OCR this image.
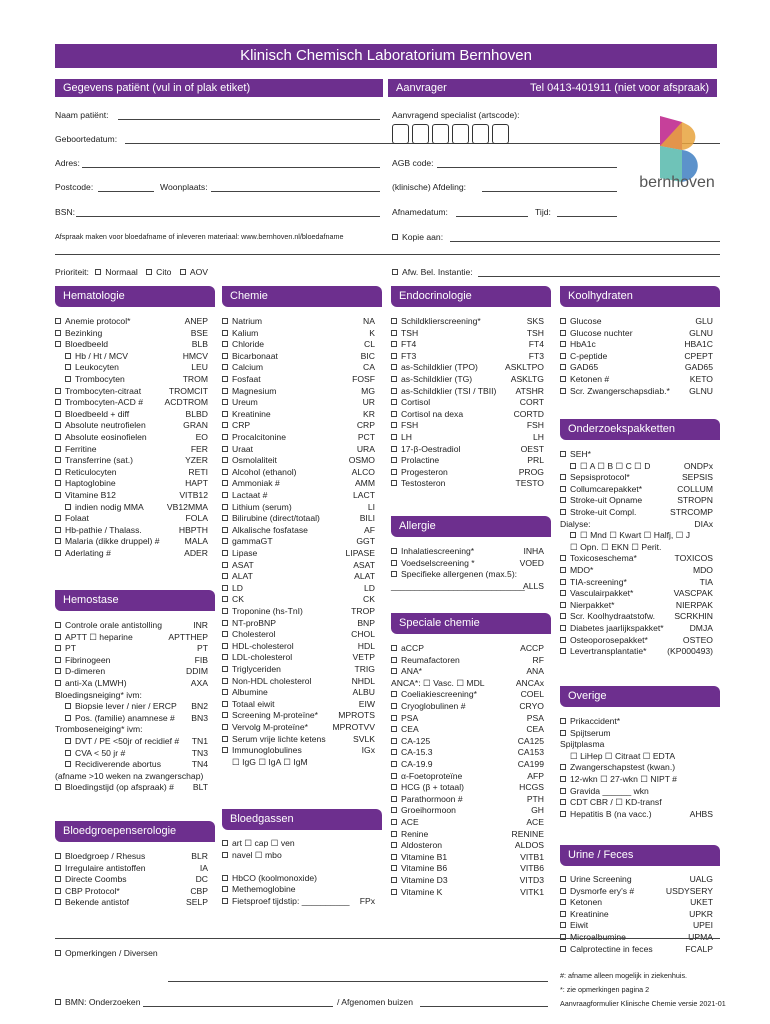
Klinisch Chemisch Laboratorium Bernhoven
Gegevens patiënt (vul in of plak etiket)	Aanvrager	Tel 0413-401911 (niet voor afspraak)
Naam patiënt:
Geboortedatum:
Adres:
Postcode:	Woonplaats:
BSN:
Afspraak maken voor bloedafname of inleveren materiaal: www.bernhoven.nl/bloedafname
Prioriteit: Normaal Cito AOV
Aanvragend specialist (artscode):
AGB code:
(klinische) Afdeling:
Afnamedatum:	Tijd:
Kopie aan:
Afw. Bel. Instantie:
bernhoven
Hematologie	Chemie	Endocrinologie	Koolhydraten
Onderzoekspakketten
Allergie
Hemostase
Speciale chemie
Overige
Bloedgassen
Bloedgroepenserologie
Urine / Feces
Anemie protocol*	ANEP
Bezinking	BSE
Bloedbeeld	BLB
Hb / Ht / MCV	HMCV
Leukocyten	LEU
Trombocyten	TROM
Trombocyten-citraat	TROMCIT
Trombocyten-ACD #	ACDTROM
Bloedbeeld + diff	BLBD
Absolute neutrofielen	GRAN
Absolute eosinofielen	EO
Ferritine	FER
Transferrine (sat.)	YZER
Reticulocyten	RETI
Haptoglobine	HAPT
Vitamine B12	VITB12
indien nodig MMA	VB12MMA
Folaat	FOLA
Hb-pathie / Thalass.	HBPTH
Malaria (dikke druppel) #	MALA
Aderlating #	ADER
Controle orale antistolling	INR
APTT ☐ heparine	APTTHEP
PT	PT
Fibrinogeen	FIB
D-dimeren	DDIM
anti-Xa (LMWH)	AXA
Bloedingsneiging* ivm:
Biopsie lever / nier / ERCP BN2
Pos. (familie) anamnese # BN3
Tromboseneiging* ivm:
DVT / PE <50jr of recidief # TN1
CVA < 50 jr #	TN3
Recidiverende abortus	TN4
(afname >10 weken na zwangerschap)
Bloedingstijd (op afspraak) # BLT
Bloedgroep / Rhesus	BLR
Irregulaire antistoffen	IA
Directe Coombs	DC
CBP Protocol*	CBP
Bekende antistof	SELP
Natrium	NA
Kalium	K
Chloride	CL
Bicarbonaat	BIC
Calcium	CA
Fosfaat	FOSF
Magnesium	MG
Ureum	UR
Kreatinine	KR
CRP	CRP
Procalcitonine	PCT
Uraat	URA
Osmolaliteit	OSMO
Alcohol (ethanol)	ALCO
Ammoniak #	AMM
Lactaat #	LACT
Lithium (serum)	LI
Bilirubine (direct/totaal)	BILI
Alkalische fosfatase	AF
gammaGT	GGT
Lipase	LIPASE
ASAT	ASAT
ALAT	ALAT
LD	LD
CK	CK
Troponine (hs-TnI)	TROP
NT-proBNP	BNP
Cholesterol	CHOL
HDL-cholesterol	HDL
LDL-cholesterol	VETP
Triglyceriden	TRIG
Non-HDL cholesterol	NHDL
Albumine	ALBU
Totaal eiwit	EIW
Screening M-proteïne* MPROTS
Vervolg M-proteïne*	MPROTVV
Serum vrije lichte ketens	SVLK
Immunoglobulines	IGx
☐ IgG ☐ IgA ☐ IgM
art ☐ cap ☐ ven
navel ☐ mbo
HbCO (koolmonoxide)
Methemoglobine
Fietsproef tijdstip: __________ FPx
Schildklierscreening*	SKS
TSH	TSH
FT4	FT4
FT3	FT3
as-Schildklier (TPO)	ASKLTPO
as-Schildklier (TG)	ASKLTG
as-Schildklier (TSI / TBII) ATSHR
Cortisol	CORT
Cortisol na dexa	CORTD
FSH	FSH
LH	LH
17-β-Oestradiol	OEST
Prolactine	PRL
Progesteron	PROG
Testosteron	TESTO
Inhalatiescreening*	INHA
Voedselscreening *	VOED
Specifieke allergenen (max.5):
____________________________
ALLS
aCCP	ACCP
Reumafactoren	RF
ANA*	ANA
ANCA*: ☐ Vasc. ☐ MDL	ANCAx
Coeliakiescreening*	COEL
Cryoglobulinen #	CRYO
PSA	PSA
CEA	CEA
CA-125	CA125
CA-15.3	CA153
CA-19.9	CA199
α-Foetoproteïne	AFP
HCG (β + totaal)	HCGS
Parathormoon #	PTH
Groeihormoon	GH
ACE	ACE
Renine	RENINE
Aldosteron	ALDOS
Vitamine B1	VITB1
Vitamine B6	VITB6
Vitamine D3	VITD3
Vitamine K	VITK1
Glucose	GLU
Glucose nuchter	GLNU
HbA1c	HBA1C
C-peptide	CPEPT
GAD65	GAD65
Ketonen #	KETO
Scr. Zwangerschapsdiab.* GLNU
SEH*
☐ A ☐ B ☐ C ☐ D	ONDPx
Sepsisprotocol*	SEPSIS
Collumcarepakket*	COLLUM
Stroke-uit Opname	STROPN
Stroke-uit Compl.	STRCOMP
Dialyse:	DIAx
☐ Mnd ☐ Kwart ☐ Halfj, ☐ J
☐ Opn. ☐ EKN ☐ Perit.
Toxicoseschema*	TOXICOS
MDO*	MDO
TIA-screening*	TIA
Vasculairpakket*	VASCPAK
Nierpakket*	NIERPAK
Scr. Koolhydraatstofw. SCRKHIN
Diabetes jaarlijkspakket*	DMJA
Osteoporosepakket*	OSTEO
Levertransplantatie* (KP000493)
Prikaccident*
Spijtserum
Spijtplasma
☐ LiHep ☐ Citraat ☐ EDTA
Zwangerschapstest (kwan.)
12-wkn ☐ 27-wkn ☐ NIPT #
Gravida ______ wkn
CDT CBR / ☐ KD-transf
Hepatitis B (na vacc.)	AHBS
Urine Screening	UALG
Dysmorfe ery's #	USDYSERY
Ketonen	UKET
Kreatinine	UPKR
Eiwit	UPEI
Microalbumine	UPMA
Calprotectine in feces	FCALP
Opmerkingen / Diversen
BMN: Onderzoeken	/ Afgenomen buizen
#: afname alleen mogelijk in ziekenhuis.
*: zie opmerkingen pagina 2
Aanvraagformulier Klinische Chemie versie 2021-01
